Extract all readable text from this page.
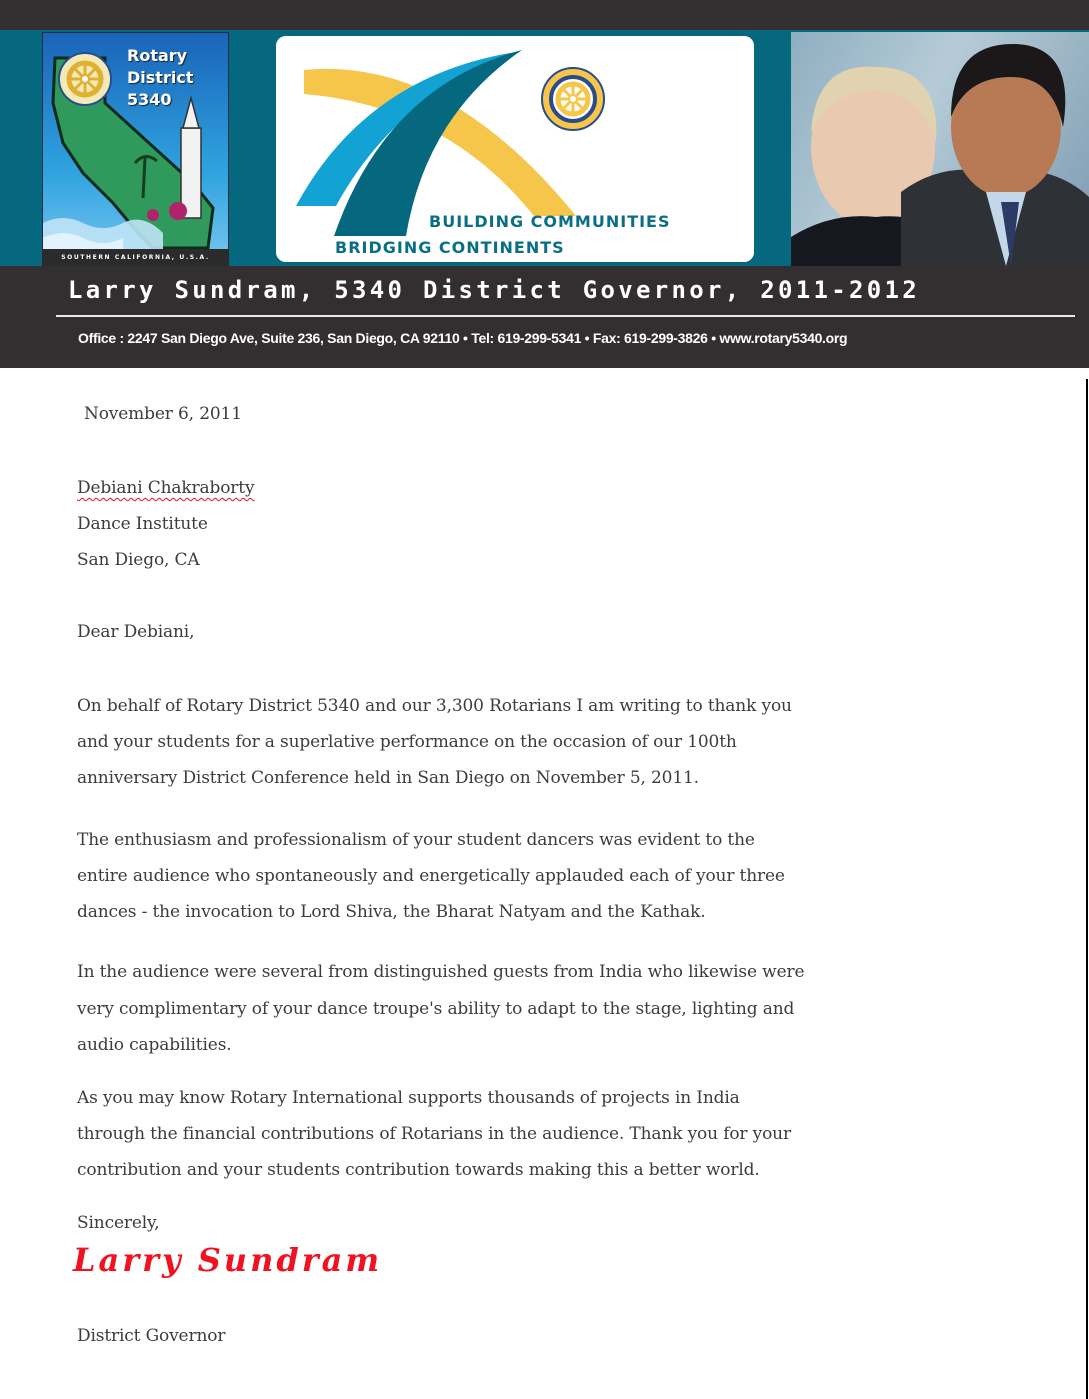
Rotary
District
5340
SOUTHERN CALIFORNIA, U.S.A.
BUILDING COMMUNITIES
BRIDGING CONTINENTS
Larry Sundram, 5340 District Governor, 2011-2012
Office : 2247 San Diego Ave, Suite 236, San Diego, CA 92110 • Tel: 619-299-5341 • Fax: 619-299-3826 • www.rotary5340.org
November 6, 2011
Debiani Chakraborty
Dance Institute
San Diego, CA
Dear Debiani,
On behalf of Rotary District 5340 and our 3,300 Rotarians I am writing to thank you
and your students for a superlative performance on the occasion of our 100th
anniversary District Conference held in San Diego on November 5, 2011.
The enthusiasm and professionalism of your student dancers was evident to the
entire audience who spontaneously and energetically applauded each of your three
dances - the invocation to Lord Shiva, the Bharat Natyam and the Kathak.
In the audience were several from distinguished guests from India who likewise were
very complimentary of your dance troupe's ability to adapt to the stage, lighting and
audio capabilities.
As you may know Rotary International supports thousands of projects in India
through the financial contributions of Rotarians in the audience. Thank you for your
contribution and your students contribution towards making this a better world.
Sincerely,
Larry Sundram
District Governor
